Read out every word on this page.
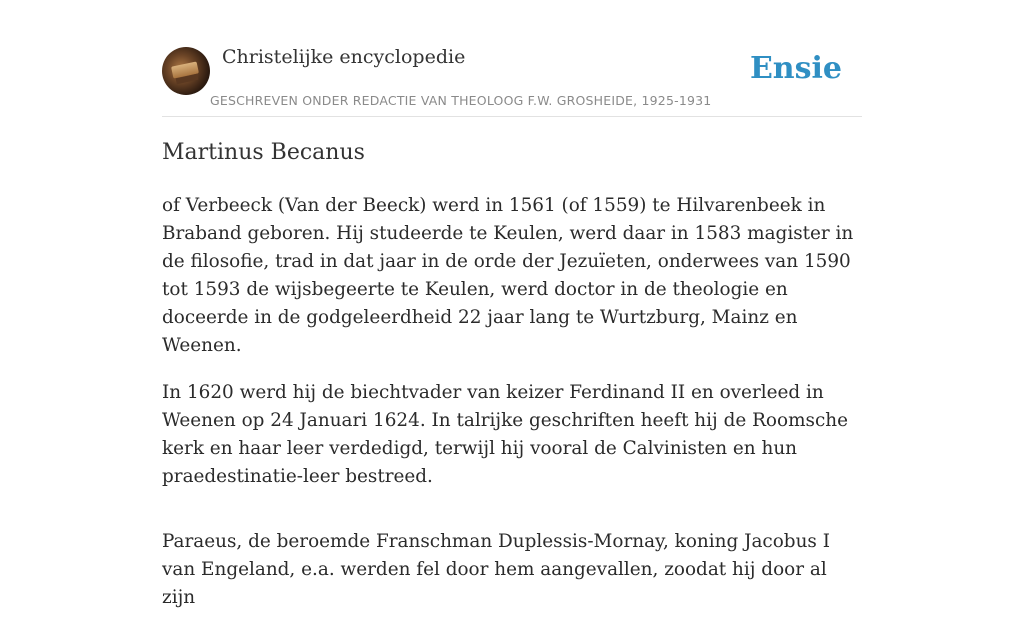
Christelijke encyclopedie
GESCHREVEN ONDER REDACTIE VAN THEOLOOG F.W. GROSHEIDE, 1925-1931
Ensie
Martinus Becanus

of Verbeeck (Van der Beeck) werd in 1561 (of 1559) te Hilvarenbeek in Braband geboren. Hij studeerde te Keulen, werd daar in 1583 magister in de filosofie, trad in dat jaar in de orde der Jezuïeten, onderwees van 1590 tot 1593 de wijsbegeerte te Keulen, werd doctor in de theologie en doceerde in de godgeleerdheid 22 jaar lang te Wurtzburg, Mainz en Weenen.

In 1620 werd hij de biechtvader van keizer Ferdinand II en overleed in Weenen op 24 Januari 1624. In talrijke geschriften heeft hij de Roomsche kerk en haar leer verdedigd, terwijl hij vooral de Calvinisten en hun praedestinatie-leer bestreed.

Paraeus, de beroemde Franschman Duplessis-Mornay, koning Jacobus I van Engeland, e.a. werden fel door hem aangevallen, zoodat hij door al zijn
